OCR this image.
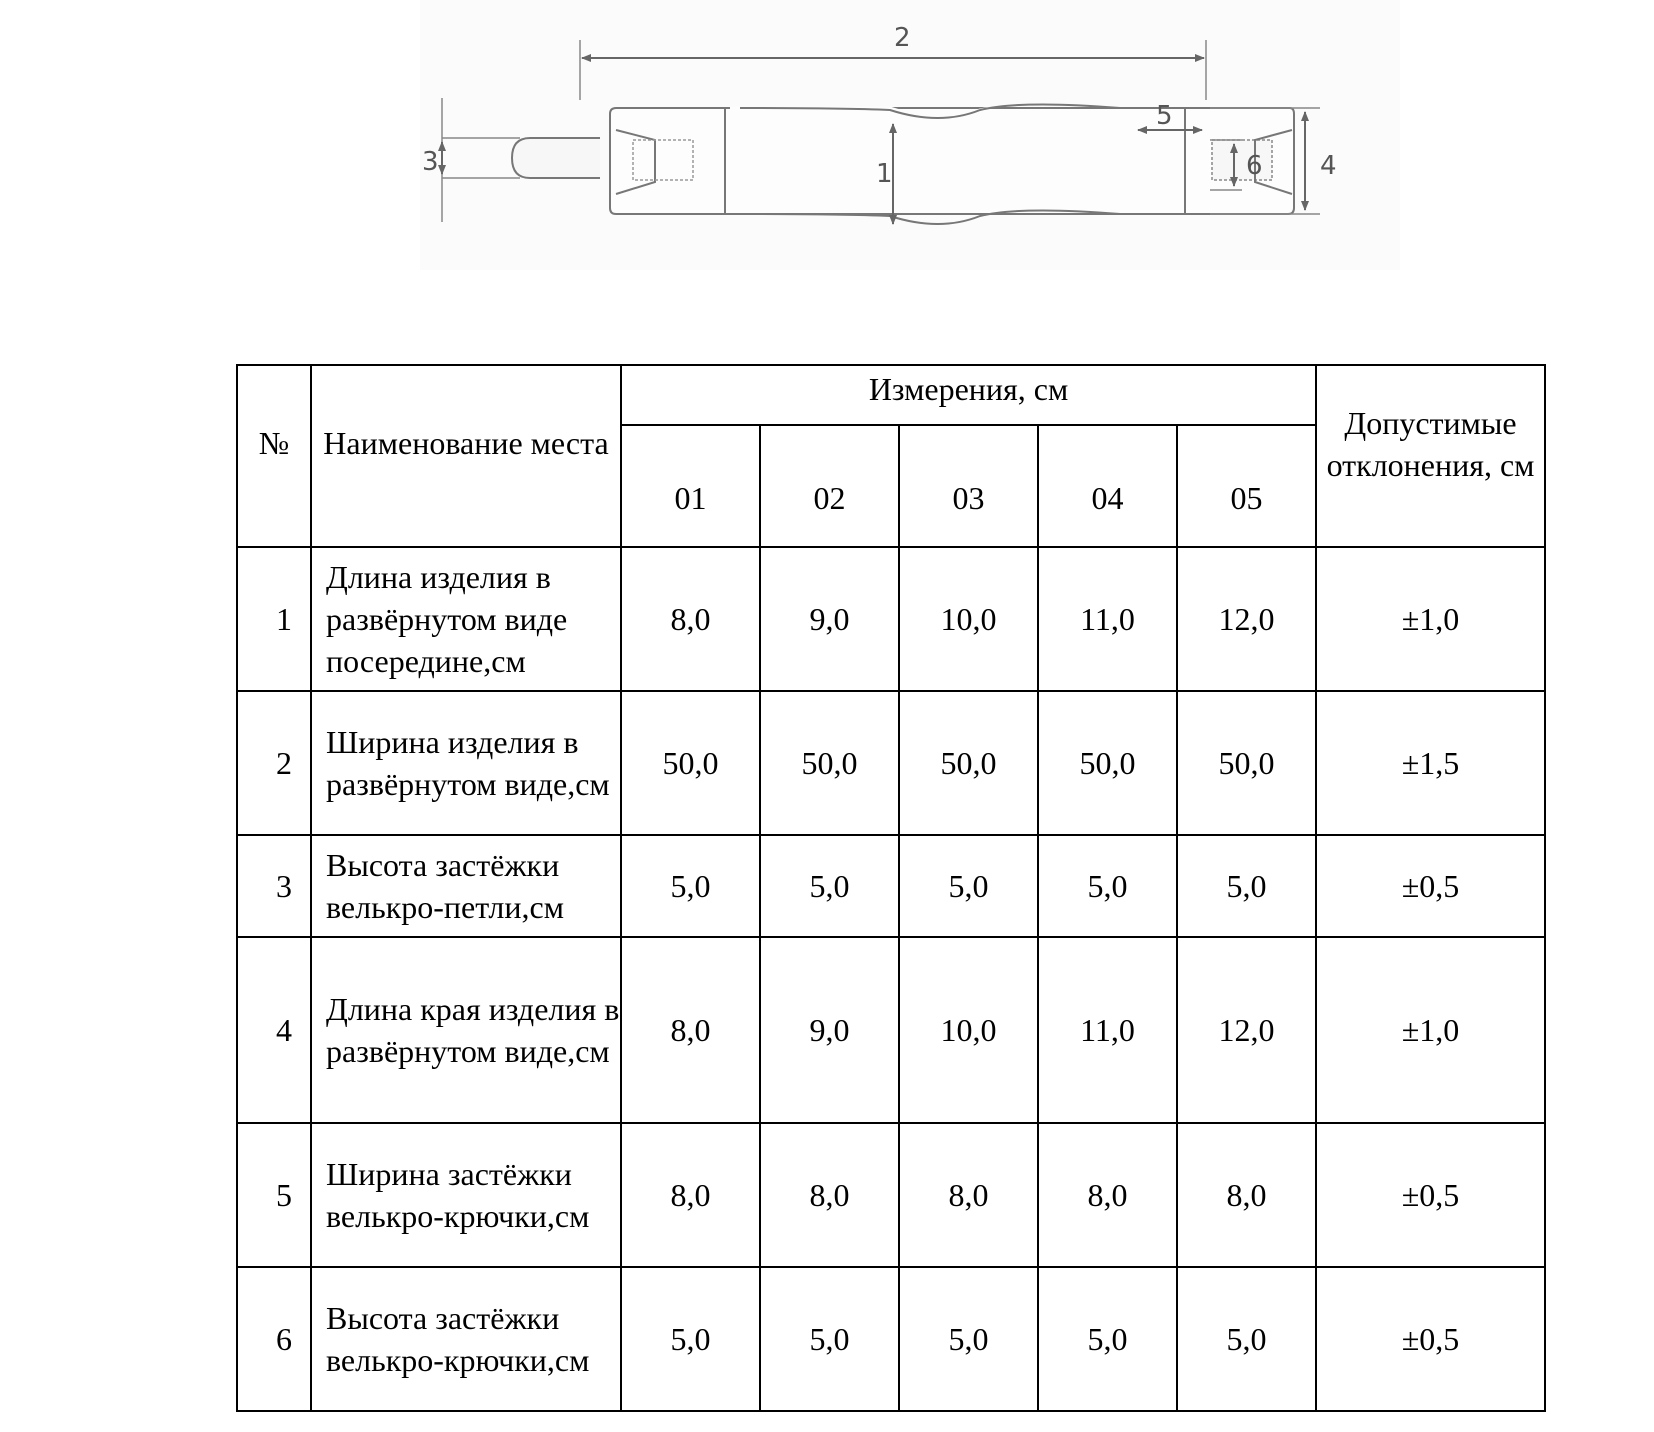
2
3	1
5
6 4
№	Наименование места	Измерения, см					Допустимые отклонения, см
		01	02	03	04	05	
1	Длина изделия в развёрнутом виде посередине,см	8,0	9,0	10,0	11,0	12,0	±1,0
2	Ширина изделия в развёрнутом виде,см	50,0	50,0	50,0	50,0	50,0	±1,5
3	Высота застёжки велькро-петли,см	5,0	5,0	5,0	5,0	5,0	±0,5
4	Длина края изделия в развёрнутом виде,см	8,0	9,0	10,0	11,0	12,0	±1,0
5	Ширина застёжки велькро-крючки,см	8,0	8,0	8,0	8,0	8,0	±0,5
6	Высота застёжки велькро-крючки,см	5,0	5,0	5,0	5,0	5,0	±0,5
